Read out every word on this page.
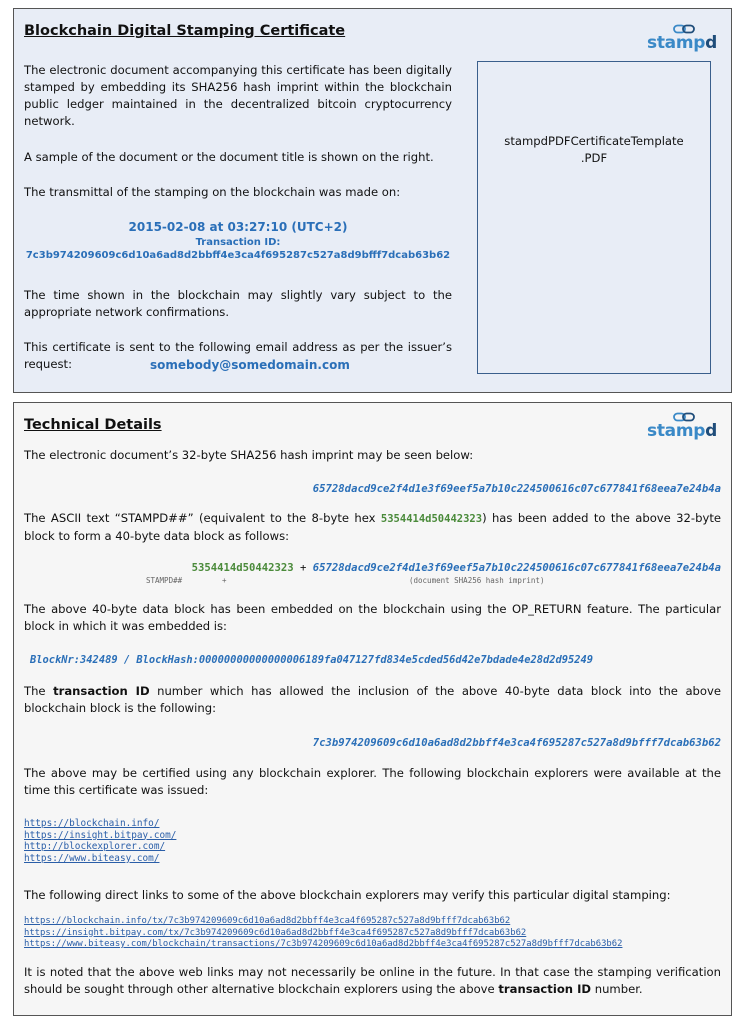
Blockchain Digital Stamping Certificate
stampd
The electronic document accompanying this certificate has been digitally stamped by embedding its SHA256 hash imprint within the blockchain public ledger maintained in the decentralized bitcoin cryptocurrency network.
A sample of the document or the document title is shown on the right.
The transmittal of the stamping on the blockchain was made on:
2015-02-08 at 03:27:10 (UTC+2)
Transaction ID:
7c3b974209609c6d10a6ad8d2bbff4e3ca4f695287c527a8d9bfff7dcab63b62
The time shown in the blockchain may slightly vary subject to the appropriate network confirmations.
This certificate is sent to the following email address as per the issuer’s request:	somebody@somedomain.com
stampdPDFCertificateTemplate
.PDF
Technical Details	stampd
The electronic document’s 32-byte SHA256 hash imprint may be seen below:
65728dacd9ce2f4d1e3f69eef5a7b10c224500616c07c677841f68eea7e24b4a
The ASCII text “STAMPD##” (equivalent to the 8-byte hex 5354414d50442323) has been added to the above 32-byte block to form a 40-byte data block as follows:
5354414d50442323 + 65728dacd9ce2f4d1e3f69eef5a7b10c224500616c07c677841f68eea7e24b4a
STAMPD##	+	(document SHA256 hash imprint)
The above 40-byte data block has been embedded on the blockchain using the OP_RETURN feature. The particular block in which it was embedded is:
BlockNr:342489 / BlockHash:00000000000000006189fa047127fd834e5cded56d42e7bdade4e28d2d95249
The transaction ID number which has allowed the inclusion of the above 40-byte data block into the above blockchain block is the following:
7c3b974209609c6d10a6ad8d2bbff4e3ca4f695287c527a8d9bfff7dcab63b62
The above may be certified using any blockchain explorer. The following blockchain explorers were available at the time this certificate was issued:
https://blockchain.info/
https://insight.bitpay.com/
http://blockexplorer.com/
https://www.biteasy.com/
The following direct links to some of the above blockchain explorers may verify this particular digital stamping:
https://blockchain.info/tx/7c3b974209609c6d10a6ad8d2bbff4e3ca4f695287c527a8d9bfff7dcab63b62
https://insight.bitpay.com/tx/7c3b974209609c6d10a6ad8d2bbff4e3ca4f695287c527a8d9bfff7dcab63b62
https://www.biteasy.com/blockchain/transactions/7c3b974209609c6d10a6ad8d2bbff4e3ca4f695287c527a8d9bfff7dcab63b62
It is noted that the above web links may not necessarily be online in the future. In that case the stamping verification should be sought through other alternative blockchain explorers using the above transaction ID number.
